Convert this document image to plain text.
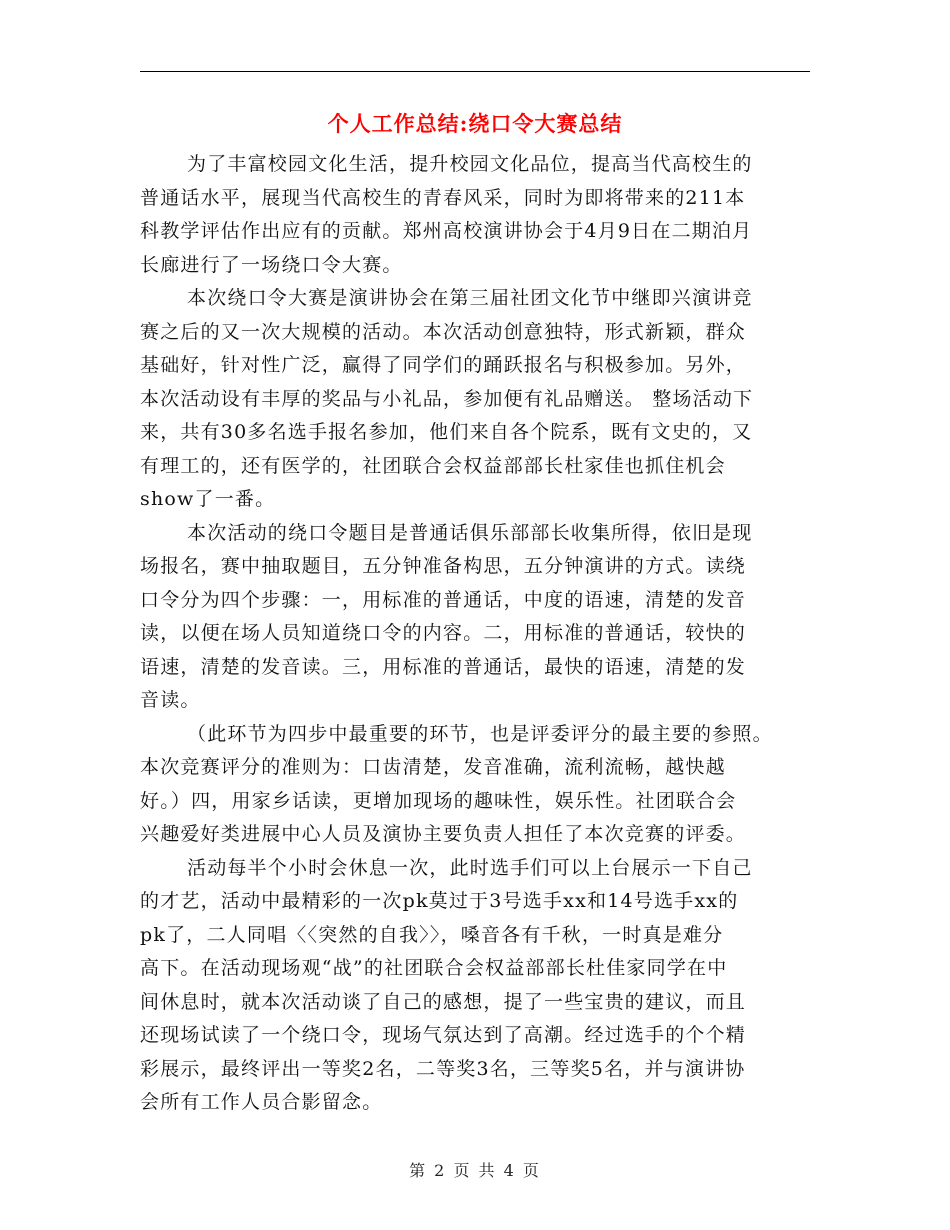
个人工作总结:绕口令大赛总结
为了丰富校园文化生活，提升校园文化品位，提高当代高校生的
普通话水平，展现当代高校生的青春风采，同时为即将带来的211本
科教学评估作出应有的贡献。郑州高校演讲协会于4月9日在二期泊月
长廊进行了一场绕口令大赛。
本次绕口令大赛是演讲协会在第三届社团文化节中继即兴演讲竞
赛之后的又一次大规模的活动。本次活动创意独特，形式新颖，群众
基础好，针对性广泛，赢得了同学们的踊跃报名与积极参加。另外，
本次活动设有丰厚的奖品与小礼品，参加便有礼品赠送。 整场活动下
来，共有30多名选手报名参加，他们来自各个院系，既有文史的，又
有理工的，还有医学的，社团联合会权益部部长杜家佳也抓住机会
show了一番。
本次活动的绕口令题目是普通话俱乐部部长收集所得，依旧是现
场报名，赛中抽取题目，五分钟准备构思，五分钟演讲的方式。读绕
口令分为四个步骤：一，用标准的普通话，中度的语速，清楚的发音
读，以便在场人员知道绕口令的内容。二，用标准的普通话，较快的
语速，清楚的发音读。三，用标准的普通话，最快的语速，清楚的发
音读。
（此环节为四步中最重要的环节，也是评委评分的最主要的参照。
本次竞赛评分的准则为：口齿清楚，发音准确，流利流畅，越快越
好。）四，用家乡话读，更增加现场的趣味性，娱乐性。社团联合会
兴趣爱好类进展中心人员及演协主要负责人担任了本次竞赛的评委。
活动每半个小时会休息一次，此时选手们可以上台展示一下自己
的才艺，活动中最精彩的一次pk莫过于3号选手xx和14号选手xx的
pk了，二人同唱〈〈突然的自我〉〉，嗓音各有千秋，一时真是难分
高下。在活动现场观“战”的社团联合会权益部部长杜佳家同学在中
间休息时，就本次活动谈了自己的感想，提了一些宝贵的建议，而且
还现场试读了一个绕口令，现场气氛达到了高潮。经过选手的个个精
彩展示，最终评出一等奖2名，二等奖3名，三等奖5名，并与演讲协
会所有工作人员合影留念。
第 2 页 共 4 页
